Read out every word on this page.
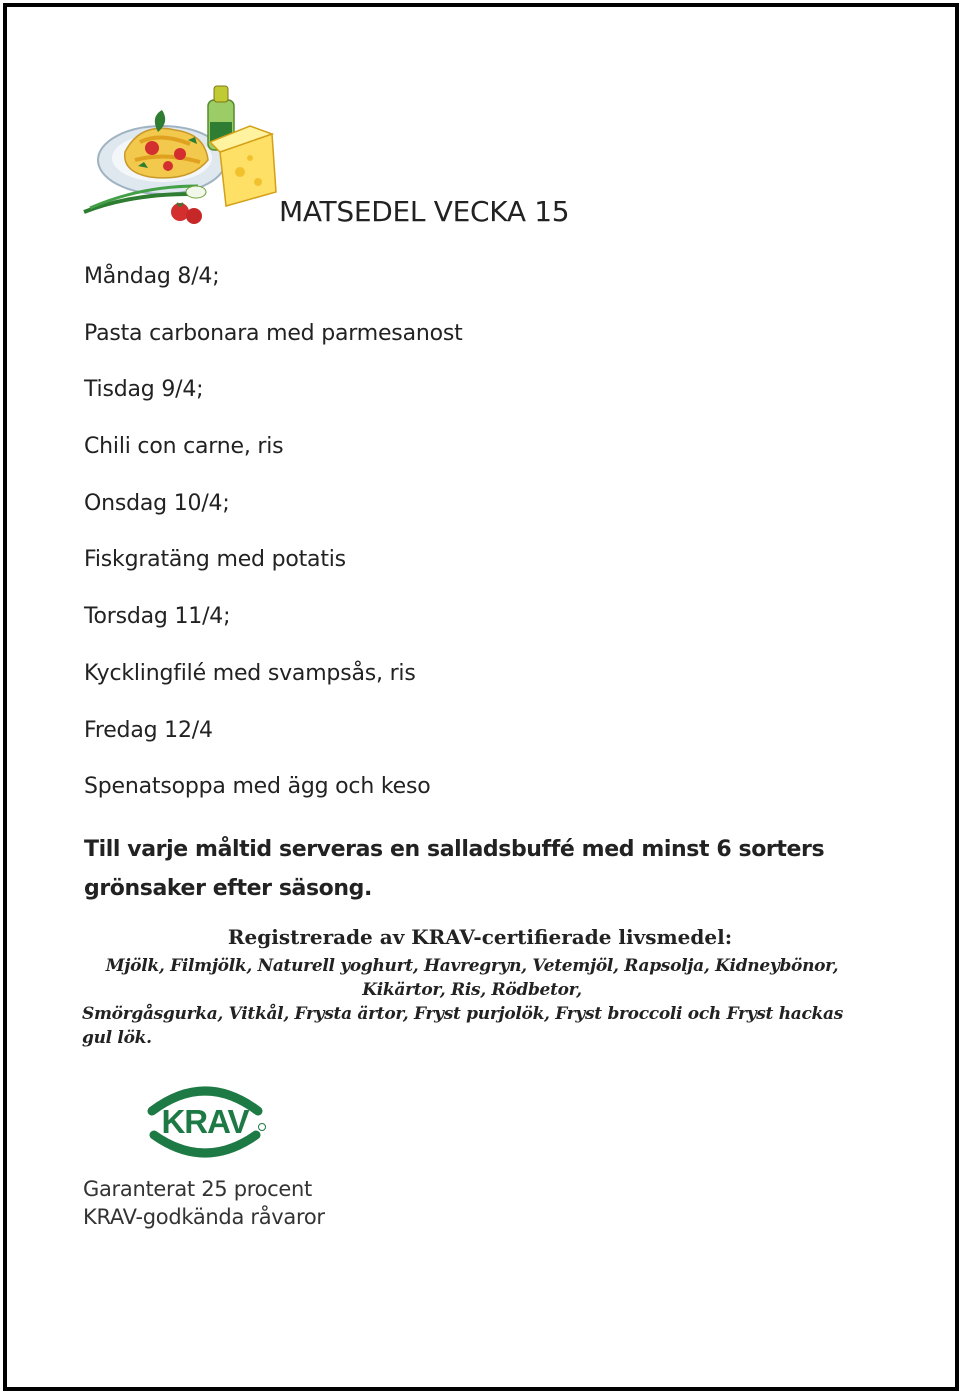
MATSEDEL VECKA 15
Måndag 8/4;
Pasta carbonara med parmesanost
Tisdag 9/4;
Chili con carne, ris
Onsdag 10/4;
Fiskgratäng med potatis
Torsdag 11/4;
Kycklingfilé med svampsås, ris
Fredag 12/4
Spenatsoppa med ägg och keso
Till varje måltid serveras en salladsbuffé med minst 6 sorters grönsaker efter säsong.
Registrerade av KRAV-certifierade livsmedel:
Mjölk, Filmjölk, Naturell yoghurt, Havregryn, Vetemjöl, Rapsolja, Kidneybönor,
Kikärtor, Ris, Rödbetor,
Smörgåsgurka, Vitkål, Frysta ärtor, Fryst purjolök, Fryst broccoli och Fryst hackas gul lök.
KRAV
Garanterat 25 procent
KRAV-godkända råvaror
